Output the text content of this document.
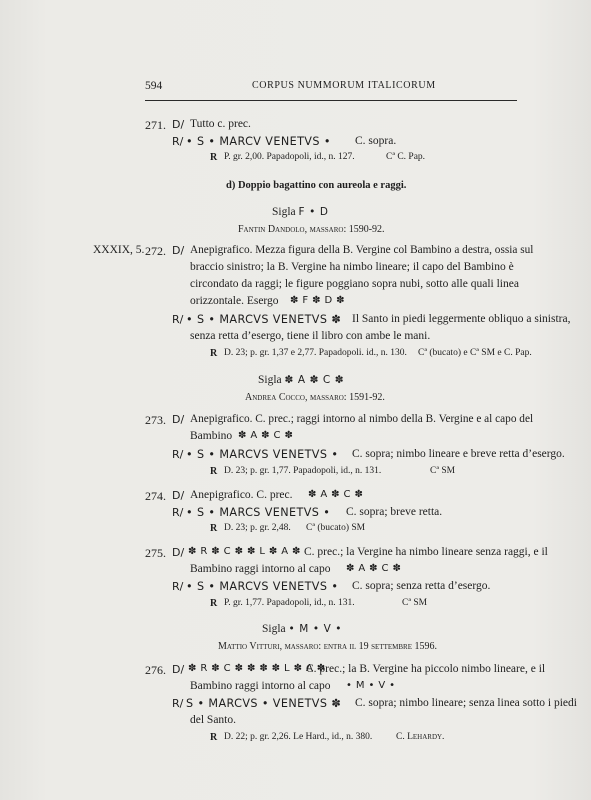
594	CORPUS NUMMORUM ITALICORUM
271. D/ Tutto c. prec.
R/ • S • MARCV VENETVS • C. sopra.
R P. gr. 2,00. Papadopoli, id., n. 127.	Cª C. Pap.
d) Doppio bagattino con aureola e raggi.
Sigla F • D
Fantin Dandolo, massaro: 1590-92.
XXXIX, 5. 272. D/ Anepigrafico. Mezza figura della B. Vergine col Bambino a destra, ossia sul
braccio sinistro; la B. Vergine ha nimbo lineare; il capo del Bambino è
circondato da raggi; le figure poggiano sopra nubi, sotto alle quali linea
orizzontale. Esergo ✽ F ✽ D ✽
R/ • S • MARCVS VENETVS ✽ Il Santo in piedi leggermente obliquo a sinistra,
senza retta d’esergo, tiene il libro con ambe le mani.
R D. 23; p. gr. 1,37 e 2,77. Papadopoli. id., n. 130. Cª (bucato) e Cª SM e C. Pap.
Sigla ✽ A ✽ C ✽
Andrea Cocco, massaro: 1591-92.
273. D/ Anepigrafico. C. prec.; raggi intorno al nimbo della B. Vergine e al capo del
Bambino ✽ A ✽ C ✽
R/ • S • MARCVS VENETVS • C. sopra; nimbo lineare e breve retta d’esergo.
R D. 23; p. gr. 1,77. Papadopoli, id., n. 131.	Cª SM
274. D/ Anepigrafico. C. prec. ✽ A ✽ C ✽
R/ • S • MARCS VENETVS • C. sopra; breve retta.
R D. 23; p. gr. 2,48. Cª (bucato) SM
275. D/ ✽ R ✽ C ✽ ✽ L ✽ A ✽ C. prec.; la Vergine ha nimbo lineare senza raggi, e il
Bambino raggi intorno al capo ✽ A ✽ C ✽
R/ • S • MARCVS VENETVS • C. sopra; senza retta d’esergo.
R P. gr. 1,77. Papadopoli, id., n. 131.	Cª SM
Sigla • M • V •
Mattio Vitturi, massaro: entra il 19 settembre 1596.
276. D/ ✽ R ✽ C ✽ ✽ ✽ ✽ L ✽ A ✽
C. prec.; la B. Vergine ha piccolo nimbo lineare, e il
Bambino raggi intorno al capo • M • V •
R/ S • MARCVS • VENETVS ✽ C. sopra; nimbo lineare; senza linea sotto i piedi
del Santo.
R D. 22; p. gr. 2,26. Le Hard., id., n. 380. C. Lehardy.
